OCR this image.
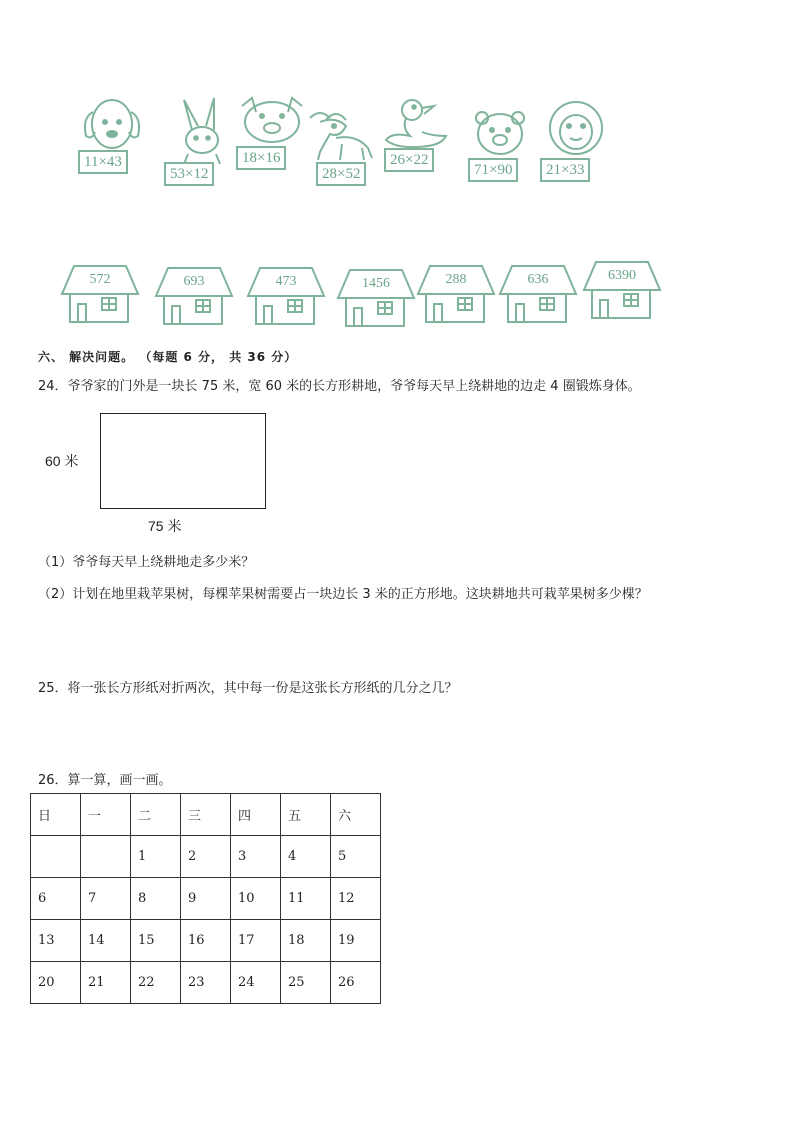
11×43
53×12
18×16
28×52
26×22
71×90	21×33
572	693	473	1456	288	636	6390
六、 解决问题。 （每题 6 分， 共 36 分）
24．爷爷家的门外是一块长 75 米，宽 60 米的长方形耕地，爷爷每天早上绕耕地的边走 4 圈锻炼身体。
60 米
75 米
（1）爷爷每天早上绕耕地走多少米？
（2）计划在地里栽苹果树，每棵苹果树需要占一块边长 3 米的正方形地。这块耕地共可栽苹果树多少棵？
25．将一张长方形纸对折两次，其中每一份是这张长方形纸的几分之几？
26．算一算，画一画。
日	一	二	三	四	五	六
		1	2	3	4	5
6	7	8	9	10	11	12
13	14	15	16	17	18	19
20	21	22	23	24	25	26
